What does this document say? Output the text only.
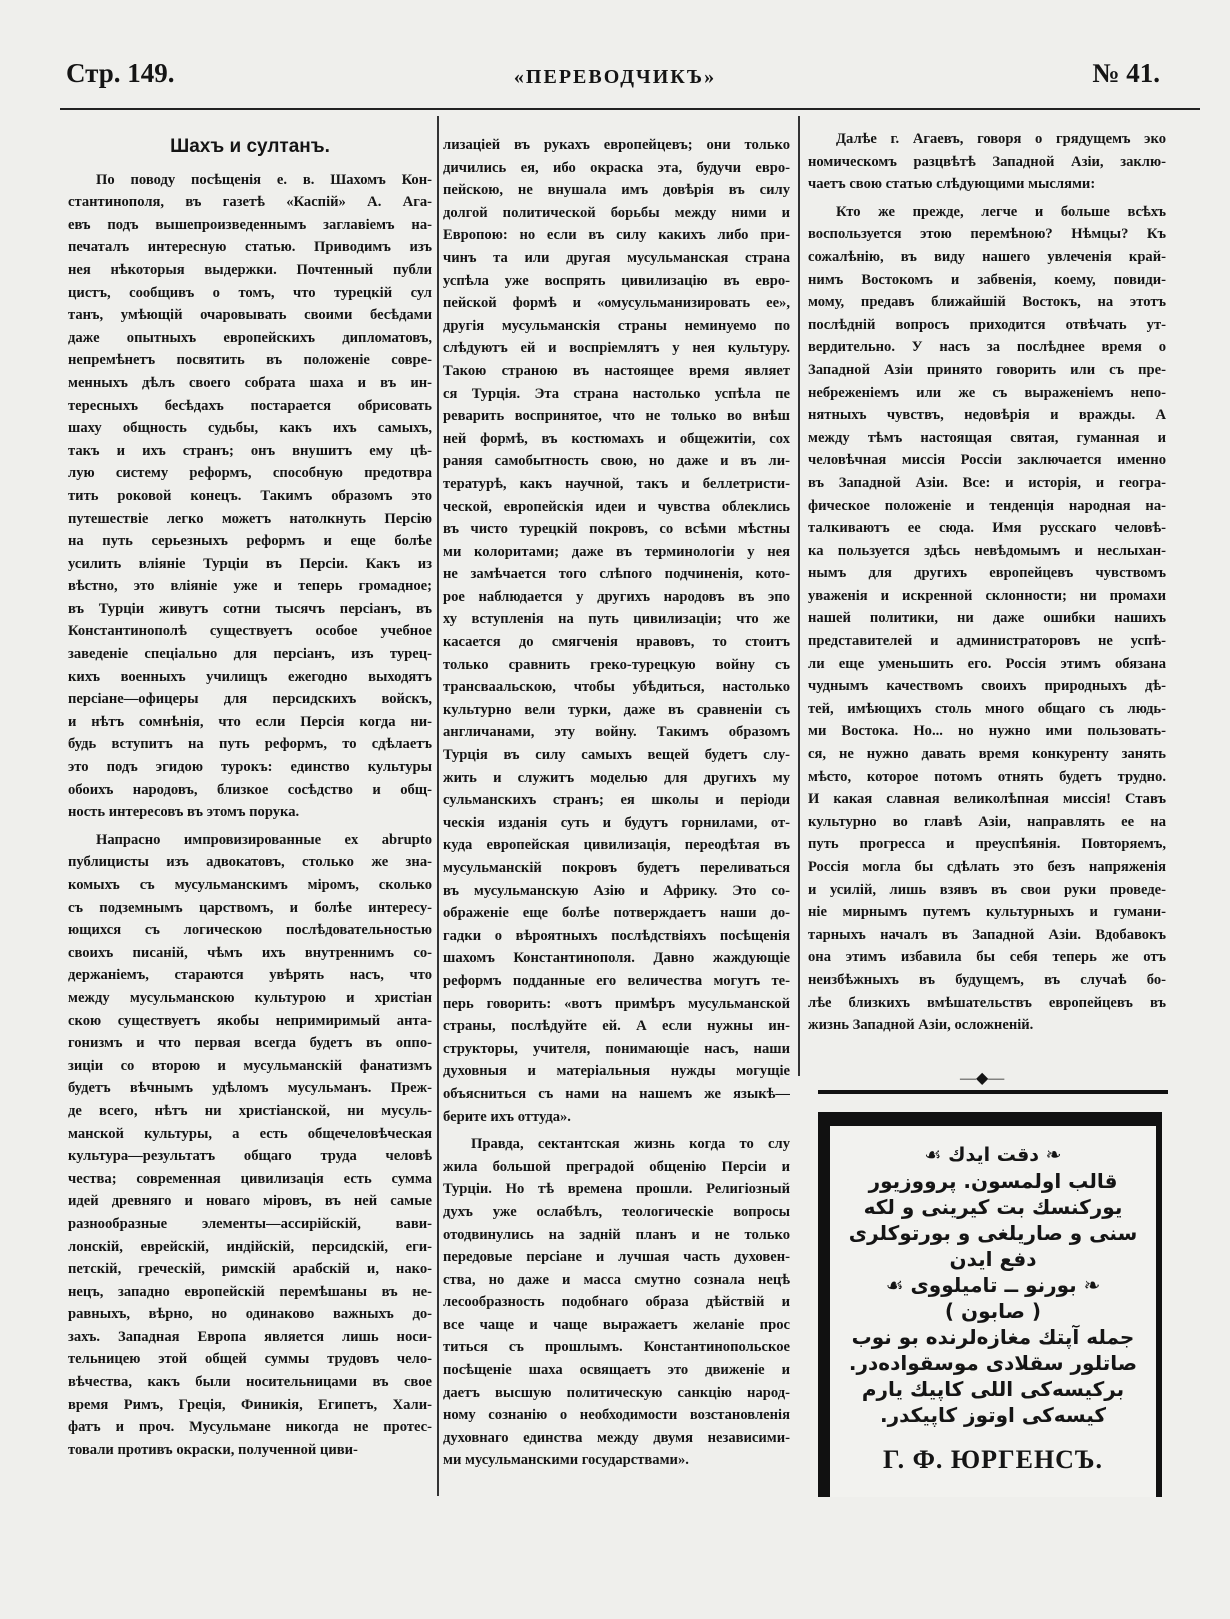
Стр. 149.	«ПЕРЕВОДЧИКЪ»	№ 41.
Шахъ и султанъ.
По поводу посѣщенія е. в. Шахомъ Кон-
стантинополя, въ газетѣ «Каспій» А. Ага-
евъ подъ вышепроизведеннымъ заглавіемъ на-
печаталъ интересную статью. Приводимъ изъ
нея нѣкоторыя выдержки. Почтенный публи
цистъ, сообщивъ о томъ, что турецкій сул
танъ, умѣющій очаровывать своими бесѣдами
даже опытныхъ европейскихъ дипломатовъ,
непремѣнетъ посвятить въ положеніе совре-
менныхъ дѣлъ своего собрата шаха и въ ин-
тересныхъ бесѣдахъ постарается обрисовать
шаху общность судьбы, какъ ихъ самыхъ,
такъ и ихъ странъ; онъ внушитъ ему цѣ-
лую систему реформъ, способную предотвра
тить роковой конецъ. Такимъ образомъ это
путешествіе легко можетъ натолкнуть Персію
на путь серьезныхъ реформъ и еще болѣе
усилить вліяніе Турціи въ Персіи. Какъ из
вѣстно, это вліяніе уже и теперь громадное;
въ Турціи живутъ сотни тысячъ персіанъ, въ
Константинополѣ существуетъ особое учебное
заведеніе спеціально для персіанъ, изъ турец-
кихъ военныхъ училищъ ежегодно выходятъ
персіане—офицеры для персидскихъ войскъ,
и нѣтъ сомнѣнія, что если Персія когда ни-
будь вступитъ на путь реформъ, то сдѣлаетъ
это подъ эгидою турокъ: единство культуры
обоихъ народовъ, близкое сосѣдство и общ-
ность интересовъ въ этомъ порука.
Напрасно импровизированные ex abrupto
публицисты изъ адвокатовъ, столько же зна-
комыхъ съ мусульманскимъ міромъ, сколько
съ подземнымъ царствомъ, и болѣе интересу-
ющихся съ логическою послѣдовательностью
своихъ писаній, чѣмъ ихъ внутреннимъ со-
держаніемъ, стараются увѣрять насъ, что
между мусульманскою культурою и христіан
скою существуетъ якобы непримиримый анта-
гонизмъ и что первая всегда будетъ въ оппо-
зиціи со второю и мусульманскій фанатизмъ
будетъ вѣчнымъ удѣломъ мусульманъ. Преж-
де всего, нѣтъ ни христіанской, ни мусуль-
манской культуры, а есть общечеловѣческая
культура—результатъ общаго труда человѣ
чества; современная цивилизація есть сумма
идей древняго и новаго міровъ, въ ней самые
разнообразные элементы—ассирійскій, вави-
лонскій, еврейскій, индійскій, персидскій, еги-
петскій, греческій, римскій арабскій и, нако-
нецъ, западно европейскій перемѣшаны въ не-
равныхъ, вѣрно, но одинаково важныхъ до-
захъ. Западная Европа является лишь носи-
тельницею этой общей суммы трудовъ чело-
вѣчества, какъ были носительницами въ свое
время Римъ, Греція, Финикія, Египетъ, Хали-
фатъ и проч. Мусульмане никогда не протес-
товали противъ окраски, полученной циви-
лизаціей въ рукахъ европейцевъ; они только
дичились ея, ибо окраска эта, будучи евро-
пейскою, не внушала имъ довѣрія въ силу
долгой политической борьбы между ними и
Европою: но если въ силу какихъ либо при-
чинъ та или другая мусульманская страна
успѣла уже воспрять цивилизацію въ евро-
пейской формѣ и «омусульманизировать ее»,
другія мусульманскія страны неминуемо по
слѣдуютъ ей и воспріемлятъ у нея культуру.
Такою страною въ настоящее время являет
ся Турція. Эта страна настолько успѣла пе
реварить воспринятое, что не только во внѣш
ней формѣ, въ костюмахъ и общежитіи, сох
раняя самобытность свою, но даже и въ ли-
тературѣ, какъ научной, такъ и беллетристи-
ческой, европейскія идеи и чувства облеклись
въ чисто турецкій покровъ, со всѣми мѣстны
ми колоритами; даже въ терминологіи у нея
не замѣчается того слѣпого подчиненія, кото-
рое наблюдается у другихъ народовъ въ эпо
ху вступленія на путь цивилизаціи; что же
касается до смягченія нравовъ, то стоитъ
только сравнить греко-турецкую войну съ
трансваальскою, чтобы убѣдиться, настолько
культурно вели турки, даже въ сравненіи съ
англичанами, эту войну. Такимъ образомъ
Турція въ силу самыхъ вещей будетъ слу-
жить и служитъ моделью для другихъ му
сульманскихъ странъ; ея школы и періоди
ческія изданія суть и будутъ горнилами, от-
куда европейская цивилизація, переодѣтая въ
мусульманскій покровъ будетъ переливаться
въ мусульманскую Азію и Африку. Это со-
ображеніе еще болѣе потверждаетъ наши до-
гадки о вѣроятныхъ послѣдствіяхъ посѣщенія
шахомъ Константинополя. Давно жаждующіе
реформъ подданные его величества могутъ те-
перь говорить: «вотъ примѣръ мусульманской
страны, послѣдуйте ей. А если нужны ин-
структоры, учителя, понимающіе насъ, наши
духовныя и матеріальныя нужды могущіе
объясниться съ нами на нашемъ же языкѣ—
берите ихъ оттуда».
Правда, сектантская жизнь когда то слу
жила большой преградой общенію Персіи и
Турціи. Но тѣ времена прошли. Религіозный
духъ уже ослабѣлъ, теологическіе вопросы
отодвинулись на задній планъ и не только
передовые персіане и лучшая часть духовен-
ства, но даже и масса смутно сознала нецѣ
лесообразность подобнаго образа дѣйствій и
все чаще и чаще выражаетъ желаніе прос
титься съ прошлымъ. Константинопольское
посѣщеніе шаха освящаетъ это движеніе и
даетъ высшую политическую санкцію народ-
ному сознанію о необходимости возстановленія
духовнаго единства между двумя независими-
ми мусульманскими государствами».
Далѣе г. Агаевъ, говоря о грядущемъ эко
номическомъ разцвѣтѣ Западной Азіи, заклю-
чаетъ свою статью слѣдующими мыслями:
Кто же прежде, легче и больше всѣхъ
воспользуется этою перемѣною? Нѣмцы? Къ
сожалѣнію, въ виду нашего увлеченія край-
нимъ Востокомъ и забвенія, коему, повиди-
мому, предавъ ближайшій Востокъ, на этотъ
послѣдній вопросъ приходится отвѣчать ут-
вердительно. У насъ за послѣднее время о
Западной Азіи принято говорить или съ пре-
небреженіемъ или же съ выраженіемъ непо-
нятныхъ чувствъ, недовѣрія и вражды. А
между тѣмъ настоящая святая, гуманная и
человѣчная миссія Россіи заключается именно
въ Западной Азіи. Все: и исторія, и геогра-
фическое положеніе и тенденція народная на-
талкиваютъ ее сюда. Имя русскаго человѣ-
ка пользуется здѣсь невѣдомымъ и неслыхан-
нымъ для другихъ европейцевъ чувствомъ
уваженія и искренной склонности; ни промахи
нашей политики, ни даже ошибки нашихъ
представителей и администраторовъ не успѣ-
ли еще уменьшить его. Россія этимъ обязана
чуднымъ качествомъ своихъ природныхъ дѣ-
тей, имѣющихъ столь много общаго съ людь-
ми Востока. Но... но нужно ими пользовать-
ся, не нужно давать время конкуренту занять
мѣсто, которое потомъ отнять будетъ трудно.
И какая славная великолѣпная миссія! Ставъ
культурно во главѣ Азіи, направлять ее на
путь прогресса и преуспѣянія. Повторяемъ,
Россія могла бы сдѣлать это безъ напряженія
и усилій, лишь взявъ въ свои руки проведе-
ніе мирнымъ путемъ культурныхъ и гумани-
тарныхъ началъ въ Западной Азіи. Вдобавокъ
она этимъ избавила бы себя теперь же отъ
неизбѣжныхъ въ будущемъ, въ случаѣ бо-
лѣе близкихъ вмѣшательствъ европейцевъ въ
жизнь Западной Азіи, осложненій.
—◆—
❧ دقت ايدك ☙
قالب اولمسون. پرووزيور
يوركنسك بت كيرينى و لكه
سنى و صاريلغى و بورتوكلرى
دفع ايدن
❧ بورنو ــ تاميلووى ☙
( صابون )
جمله آپتك مغازه‌لرنده بو نوب
صاتلور سقلادى موسقواده‌در.
بركيسه‌كى اللى كاپيك يارم
كيسه‌كى اوتوز كاپيكدر.
Г. Ф. ЮРГЕНСЪ.
